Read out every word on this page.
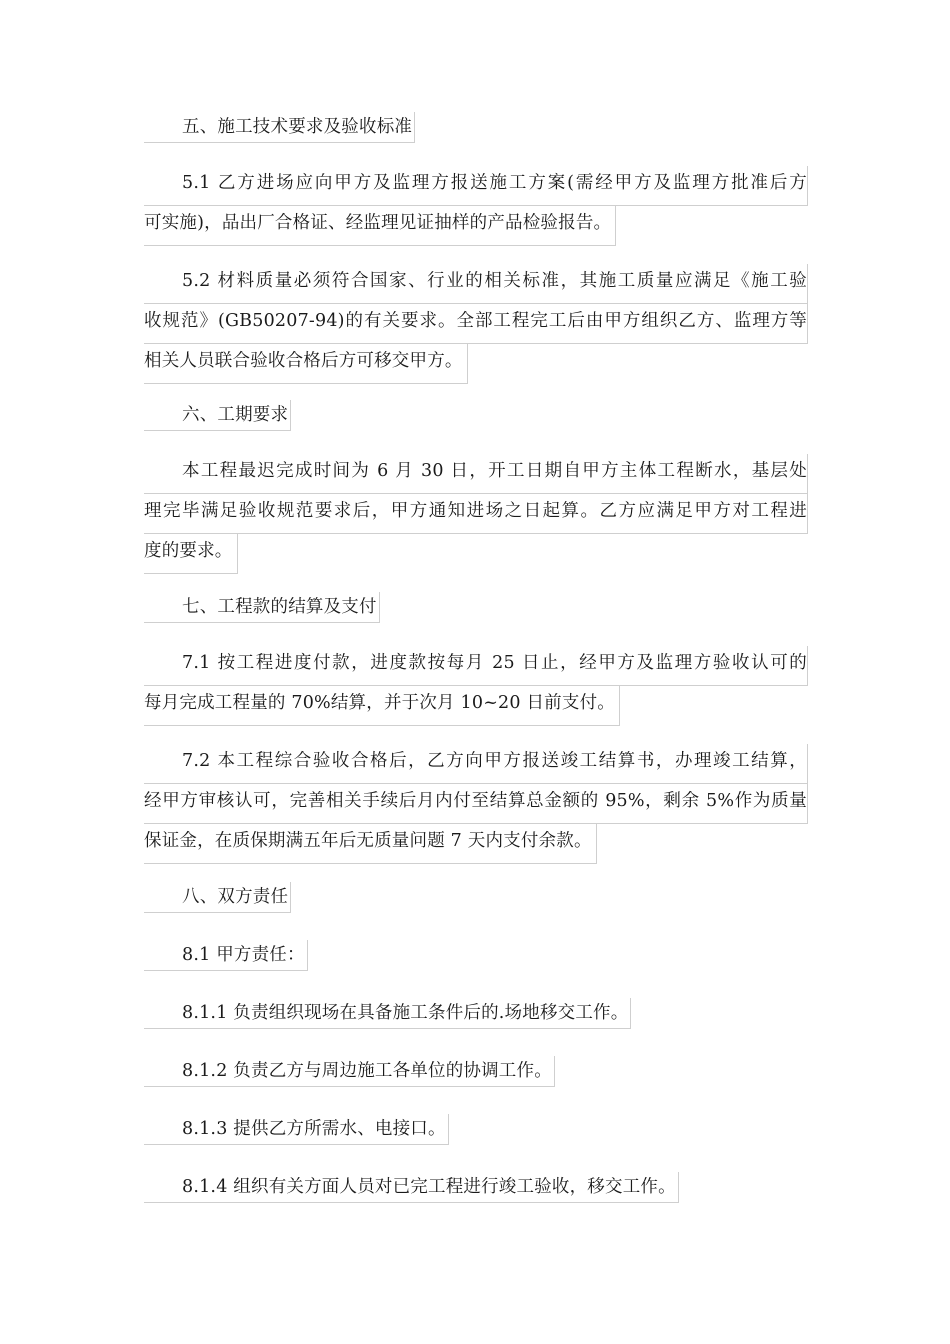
五、施工技术要求及验收标准
5.1 乙方进场应向甲方及监理方报送施工方案(需经甲方及监理方批准后方
可实施)，品出厂合格证、经监理见证抽样的产品检验报告。
5.2 材料质量必须符合国家、行业的相关标准，其施工质量应满足《施工验
收规范》(GB50207-94)的有关要求。全部工程完工后由甲方组织乙方、监理方等
相关人员联合验收合格后方可移交甲方。
六、工期要求
本工程最迟完成时间为 6 月 30 日，开工日期自甲方主体工程断水，基层处
理完毕满足验收规范要求后，甲方通知进场之日起算。乙方应满足甲方对工程进
度的要求。
七、工程款的结算及支付
7.1 按工程进度付款，进度款按每月 25 日止，经甲方及监理方验收认可的
每月完成工程量的 70%结算，并于次月 10~20 日前支付。
7.2 本工程综合验收合格后，乙方向甲方报送竣工结算书，办理竣工结算，
经甲方审核认可，完善相关手续后月内付至结算总金额的 95%，剩余 5%作为质量
保证金，在质保期满五年后无质量问题 7 天内支付余款。
八、双方责任
8.1 甲方责任：
8.1.1 负责组织现场在具备施工条件后的.场地移交工作。
8.1.2 负责乙方与周边施工各单位的协调工作。
8.1.3 提供乙方所需水、电接口。
8.1.4 组织有关方面人员对已完工程进行竣工验收，移交工作。
